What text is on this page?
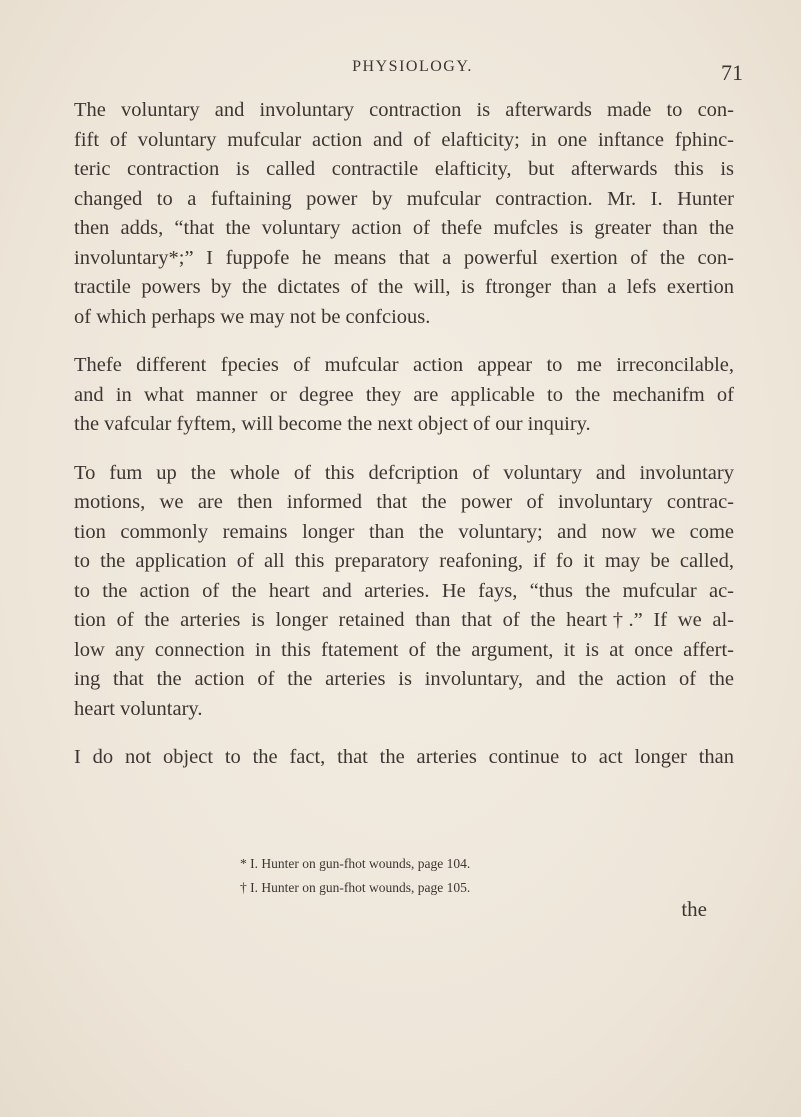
PHYSIOLOGY.	71

The voluntary and involuntary contraction is afterwards made to con-
fift of voluntary mufcular action and of elafticity; in one inftance fphinc-
teric contraction is called contractile elafticity, but afterwards this is
changed to a fuftaining power by mufcular contraction. Mr. I. Hunter
then adds, “that the voluntary action of thefe mufcles is greater than the
involuntary*;” I fuppofe he means that a powerful exertion of the con-
tractile powers by the dictates of the will, is ftronger than a lefs exertion
of which perhaps we may not be confcious.

Thefe different fpecies of mufcular action appear to me irreconcilable,
and in what manner or degree they are applicable to the mechanifm of
the vafcular fyftem, will become the next object of our inquiry.

To fum up the whole of this defcription of voluntary and involuntary
motions, we are then informed that the power of involuntary contrac-
tion commonly remains longer than the voluntary; and now we come
to the application of all this preparatory reafoning, if fo it may be called,
to the action of the heart and arteries. He fays, “thus the mufcular ac-
tion of the arteries is longer retained than that of the heart†.” If we al-
low any connection in this ftatement of the argument, it is at once affert-
ing that the action of the arteries is involuntary, and the action of the
heart voluntary.

I do not object to the fact, that the arteries continue to act longer than

* I. Hunter on gun-fhot wounds, page 104.
† I. Hunter on gun-fhot wounds, page 105.
the
